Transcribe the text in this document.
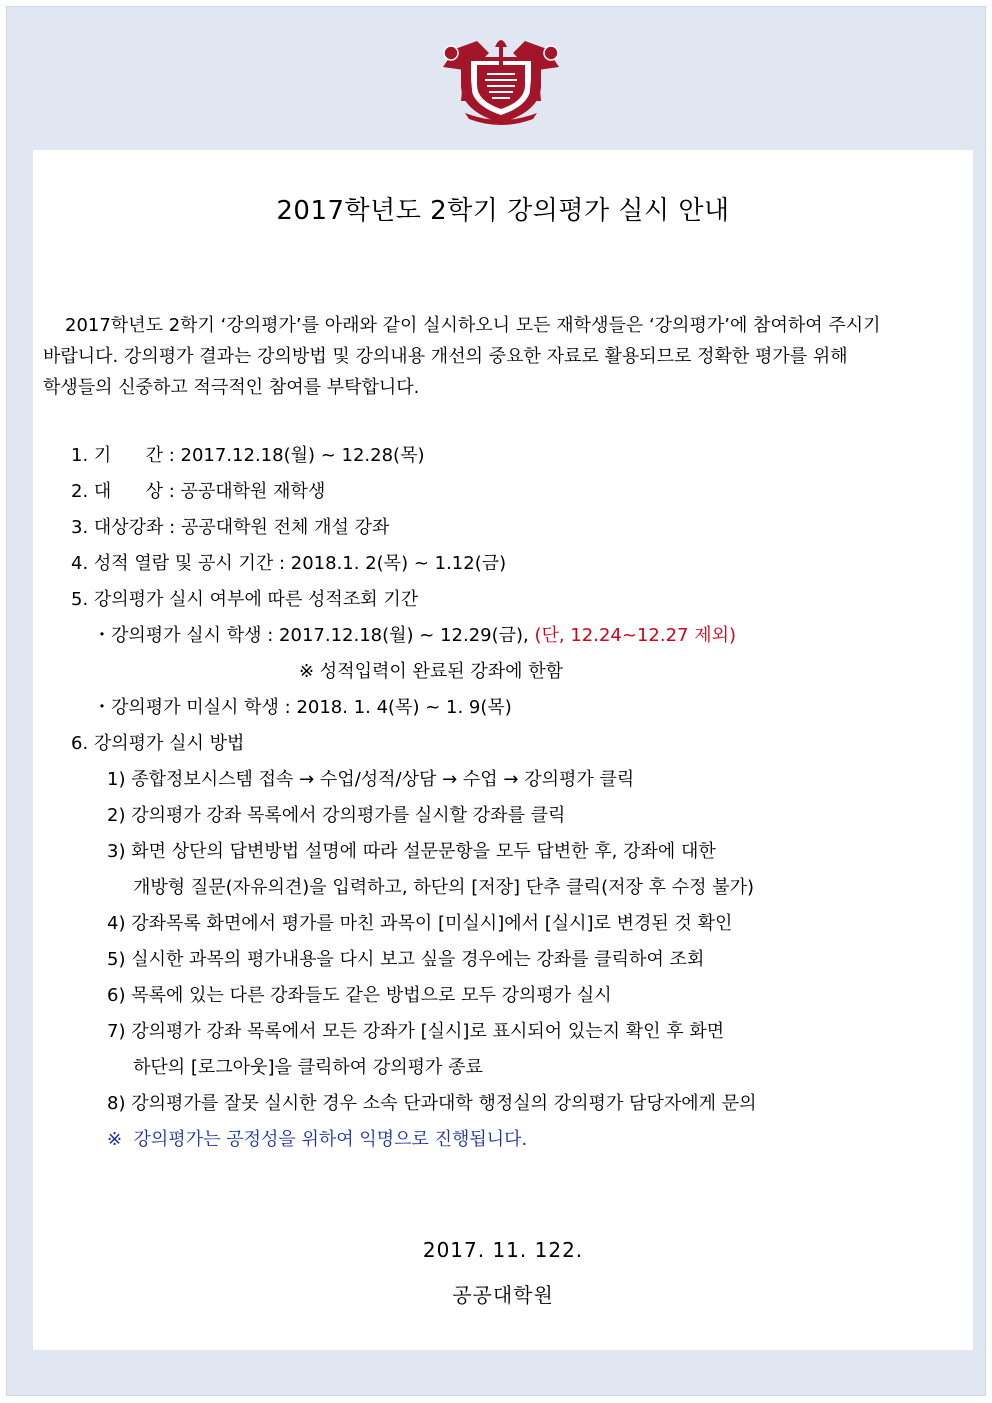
2017학년도 2학기 강의평가 실시 안내
2017학년도 2학기 ‘강의평가’를 아래와 같이 실시하오니 모든 재학생들은 ‘강의평가’에 참여하여 주시기
바랍니다. 강의평가 결과는 강의방법 및 강의내용 개선의 중요한 자료로 활용되므로 정확한 평가를 위해
학생들의 신중하고 적극적인 참여를 부탁합니다.
1. 기      간 : 2017.12.18(월) ~ 12.28(목)
2. 대      상 : 공공대학원 재학생
3. 대상강좌 : 공공대학원 전체 개설 강좌
4. 성적 열람 및 공시 기간 : 2018.1. 2(목) ~ 1.12(금)
5. 강의평가 실시 여부에 따른 성적조회 기간
・강의평가 실시 학생 : 2017.12.18(월) ~ 12.29(금), (단, 12.24~12.27 제외)
※ 성적입력이 완료된 강좌에 한함
・강의평가 미실시 학생 : 2018. 1. 4(목) ~ 1. 9(목)
6. 강의평가 실시 방법
1) 종합정보시스템 접속 → 수업/성적/상담 → 수업 → 강의평가 클릭
2) 강의평가 강좌 목록에서 강의평가를 실시할 강좌를 클릭
3) 화면 상단의 답변방법 설명에 따라 설문문항을 모두 답변한 후, 강좌에 대한
개방형 질문(자유의견)을 입력하고, 하단의 [저장] 단추 클릭(저장 후 수정 불가)
4) 강좌목록 화면에서 평가를 마친 과목이 [미실시]에서 [실시]로 변경된 것 확인
5) 실시한 과목의 평가내용을 다시 보고 싶을 경우에는 강좌를 클릭하여 조회
6) 목록에 있는 다른 강좌들도 같은 방법으로 모두 강의평가 실시
7) 강의평가 강좌 목록에서 모든 강좌가 [실시]로 표시되어 있는지 확인 후 화면
하단의 [로그아웃]을 클릭하여 강의평가 종료
8) 강의평가를 잘못 실시한 경우 소속 단과대학 행정실의 강의평가 담당자에게 문의
※  강의평가는 공정성을 위하여 익명으로 진행됩니다.
2017. 11. 122.
공공대학원
